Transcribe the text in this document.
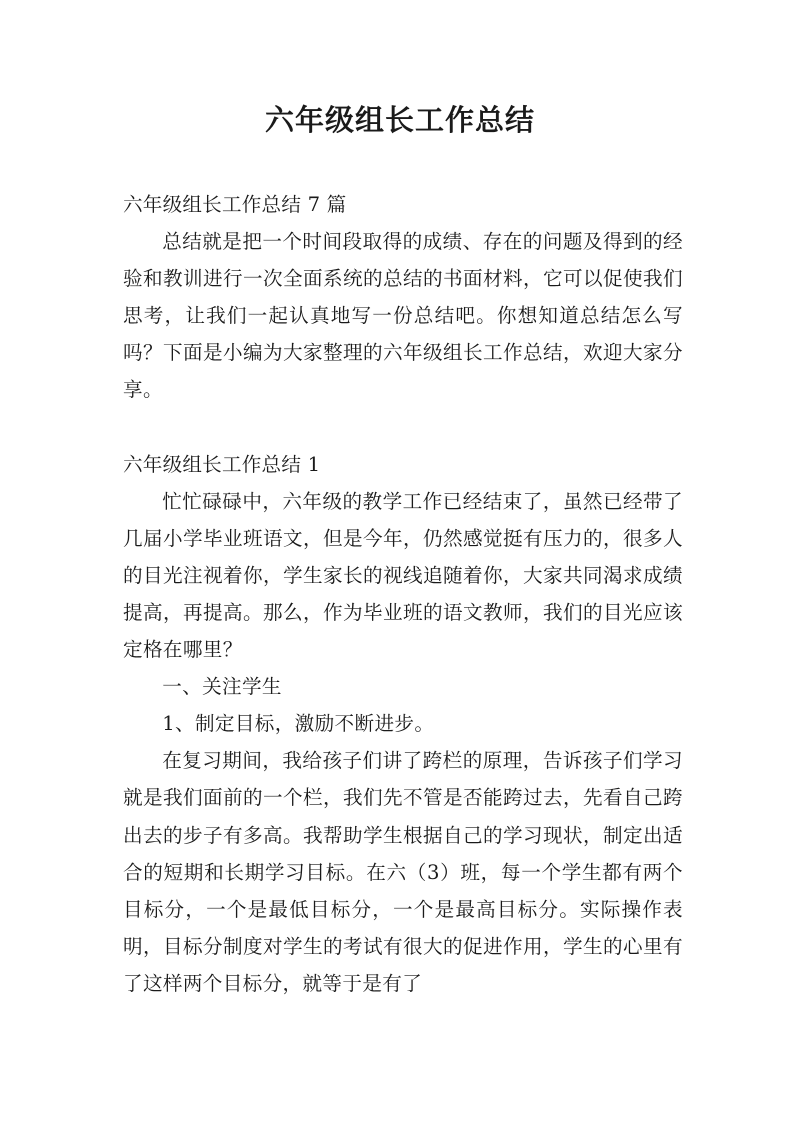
六年级组长工作总结

六年级组长工作总结 7 篇

总结就是把一个时间段取得的成绩、存在的问题及得到的经验和教训进行一次全面系统的总结的书面材料，它可以促使我们思考，让我们一起认真地写一份总结吧。你想知道总结怎么写吗？下面是小编为大家整理的六年级组长工作总结，欢迎大家分享。

六年级组长工作总结 1

忙忙碌碌中，六年级的教学工作已经结束了，虽然已经带了几届小学毕业班语文，但是今年，仍然感觉挺有压力的，很多人的目光注视着你，学生家长的视线追随着你，大家共同渴求成绩提高，再提高。那么，作为毕业班的语文教师，我们的目光应该定格在哪里？

一、关注学生

1、制定目标，激励不断进步。

在复习期间，我给孩子们讲了跨栏的原理，告诉孩子们学习就是我们面前的一个栏，我们先不管是否能跨过去，先看自己跨出去的步子有多高。我帮助学生根据自己的学习现状，制定出适合的短期和长期学习目标。在六（3）班，每一个学生都有两个目标分，一个是最低目标分，一个是最高目标分。实际操作表明，目标分制度对学生的考试有很大的促进作用，学生的心里有了这样两个目标分，就等于是有了
